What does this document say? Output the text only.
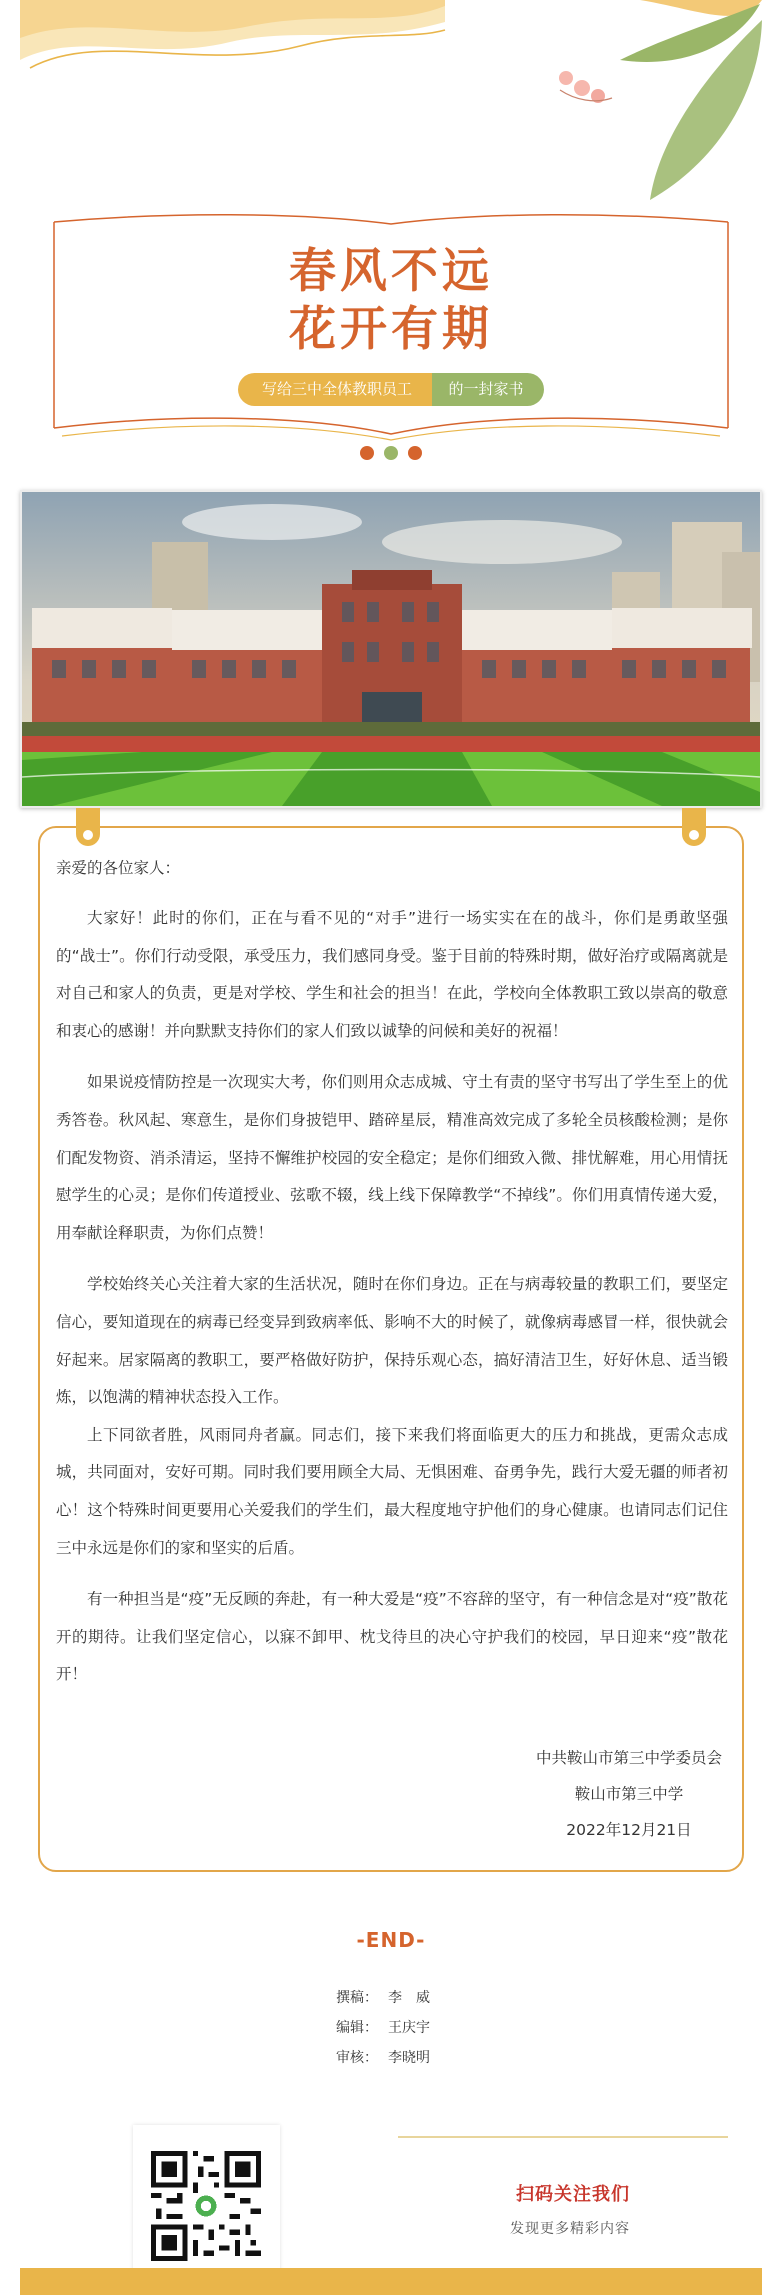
春风不远
花开有期
写给三中全体教职员工	的一封家书
亲爱的各位家人：

大家好！此时的你们，正在与看不见的“对手”进行一场实实在在的战斗，你们是勇敢坚强的“战士”。你们行动受限，承受压力，我们感同身受。鉴于目前的特殊时期，做好治疗或隔离就是对自己和家人的负责，更是对学校、学生和社会的担当！在此，学校向全体教职工致以崇高的敬意和衷心的感谢！并向默默支持你们的家人们致以诚挚的问候和美好的祝福！

如果说疫情防控是一次现实大考，你们则用众志成城、守土有责的坚守书写出了学生至上的优秀答卷。秋风起、寒意生，是你们身披铠甲、踏碎星辰，精准高效完成了多轮全员核酸检测；是你们配发物资、消杀清运，坚持不懈维护校园的安全稳定；是你们细致入微、排忧解难，用心用情抚慰学生的心灵；是你们传道授业、弦歌不辍，线上线下保障教学“不掉线”。你们用真情传递大爱，用奉献诠释职责，为你们点赞！

学校始终关心关注着大家的生活状况，随时在你们身边。正在与病毒较量的教职工们，要坚定信心，要知道现在的病毒已经变异到致病率低、影响不大的时候了，就像病毒感冒一样，很快就会好起来。居家隔离的教职工，要严格做好防护，保持乐观心态，搞好清洁卫生，好好休息、适当锻炼，以饱满的精神状态投入工作。

上下同欲者胜，风雨同舟者赢。同志们，接下来我们将面临更大的压力和挑战，更需众志成城，共同面对，安好可期。同时我们要用顾全大局、无惧困难、奋勇争先，践行大爱无疆的师者初心！这个特殊时间更要用心关爱我们的学生们，最大程度地守护他们的身心健康。也请同志们记住三中永远是你们的家和坚实的后盾。

有一种担当是“疫”无反顾的奔赴，有一种大爱是“疫”不容辞的坚守，有一种信念是对“疫”散花开的期待。让我们坚定信心，以寐不卸甲、枕戈待旦的决心守护我们的校园，早日迎来“疫”散花开！

中共鞍山市第三中学委员会
鞍山市第三中学
2022年12月21日
-END-
撰稿： 李　威
编辑： 王庆宇
审核： 李晓明
扫码关注我们
发现更多精彩内容
